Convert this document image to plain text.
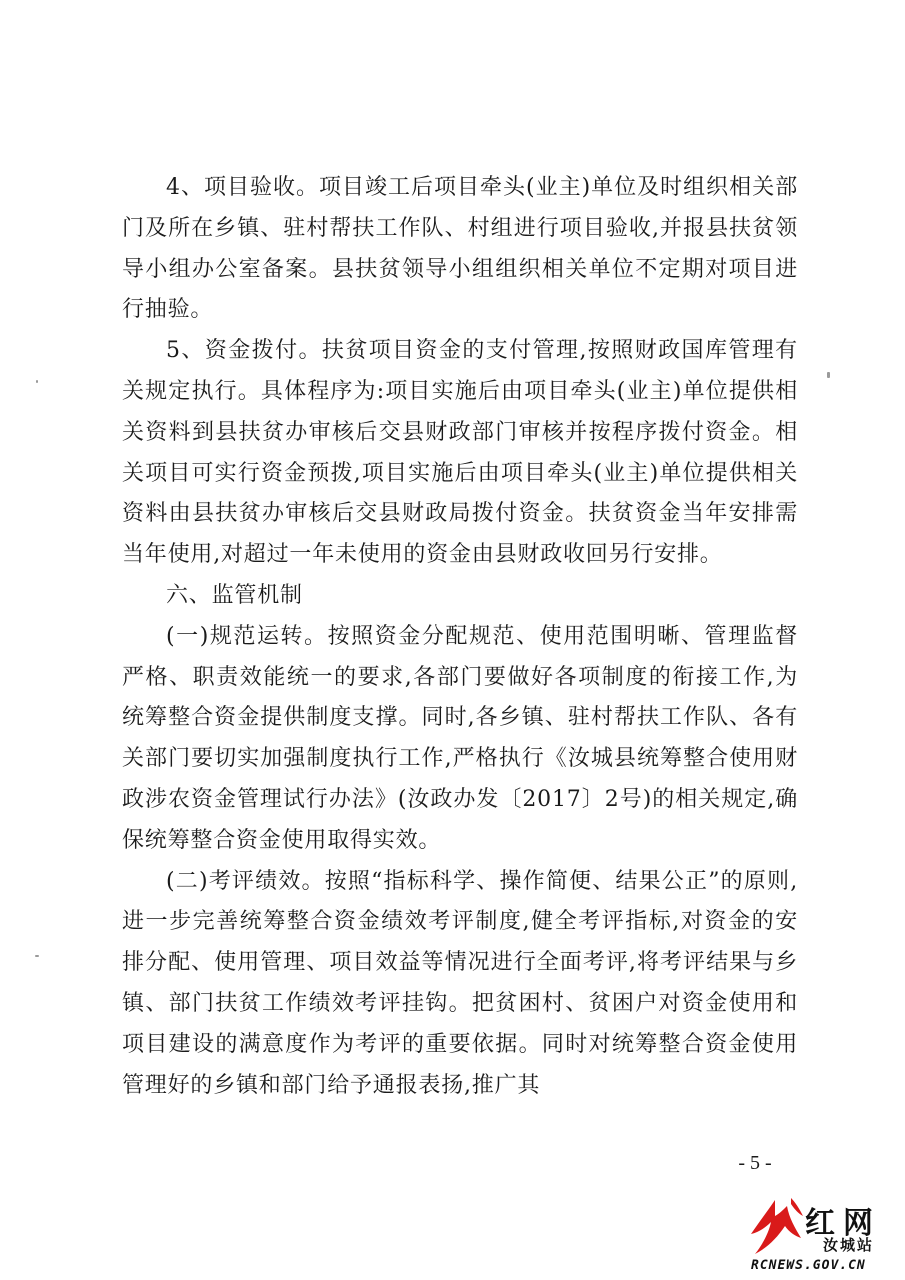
4、项目验收。项目竣工后项目牵头(业主)单位及时组织相关部门及所在乡镇、驻村帮扶工作队、村组进行项目验收,并报县扶贫领导小组办公室备案。县扶贫领导小组组织相关单位不定期对项目进行抽验。

5、资金拨付。扶贫项目资金的支付管理,按照财政国库管理有关规定执行。具体程序为:项目实施后由项目牵头(业主)单位提供相关资料到县扶贫办审核后交县财政部门审核并按程序拨付资金。相关项目可实行资金预拨,项目实施后由项目牵头(业主)单位提供相关资料由县扶贫办审核后交县财政局拨付资金。扶贫资金当年安排需当年使用,对超过一年未使用的资金由县财政收回另行安排。

六、监管机制

(一)规范运转。按照资金分配规范、使用范围明晰、管理监督严格、职责效能统一的要求,各部门要做好各项制度的衔接工作,为统筹整合资金提供制度支撑。同时,各乡镇、驻村帮扶工作队、各有关部门要切实加强制度执行工作,严格执行《汝城县统筹整合使用财政涉农资金管理试行办法》(汝政办发〔2017〕2号)的相关规定,确保统筹整合资金使用取得实效。

(二)考评绩效。按照“指标科学、操作简便、结果公正”的原则,进一步完善统筹整合资金绩效考评制度,健全考评指标,对资金的安排分配、使用管理、项目效益等情况进行全面考评,将考评结果与乡镇、部门扶贫工作绩效考评挂钩。把贫困村、贫困户对资金使用和项目建设的满意度作为考评的重要依据。同时对统筹整合资金使用管理好的乡镇和部门给予通报表扬,推广其

- 5 -
红网
汝城站
RCNEWS.GOV.CN
